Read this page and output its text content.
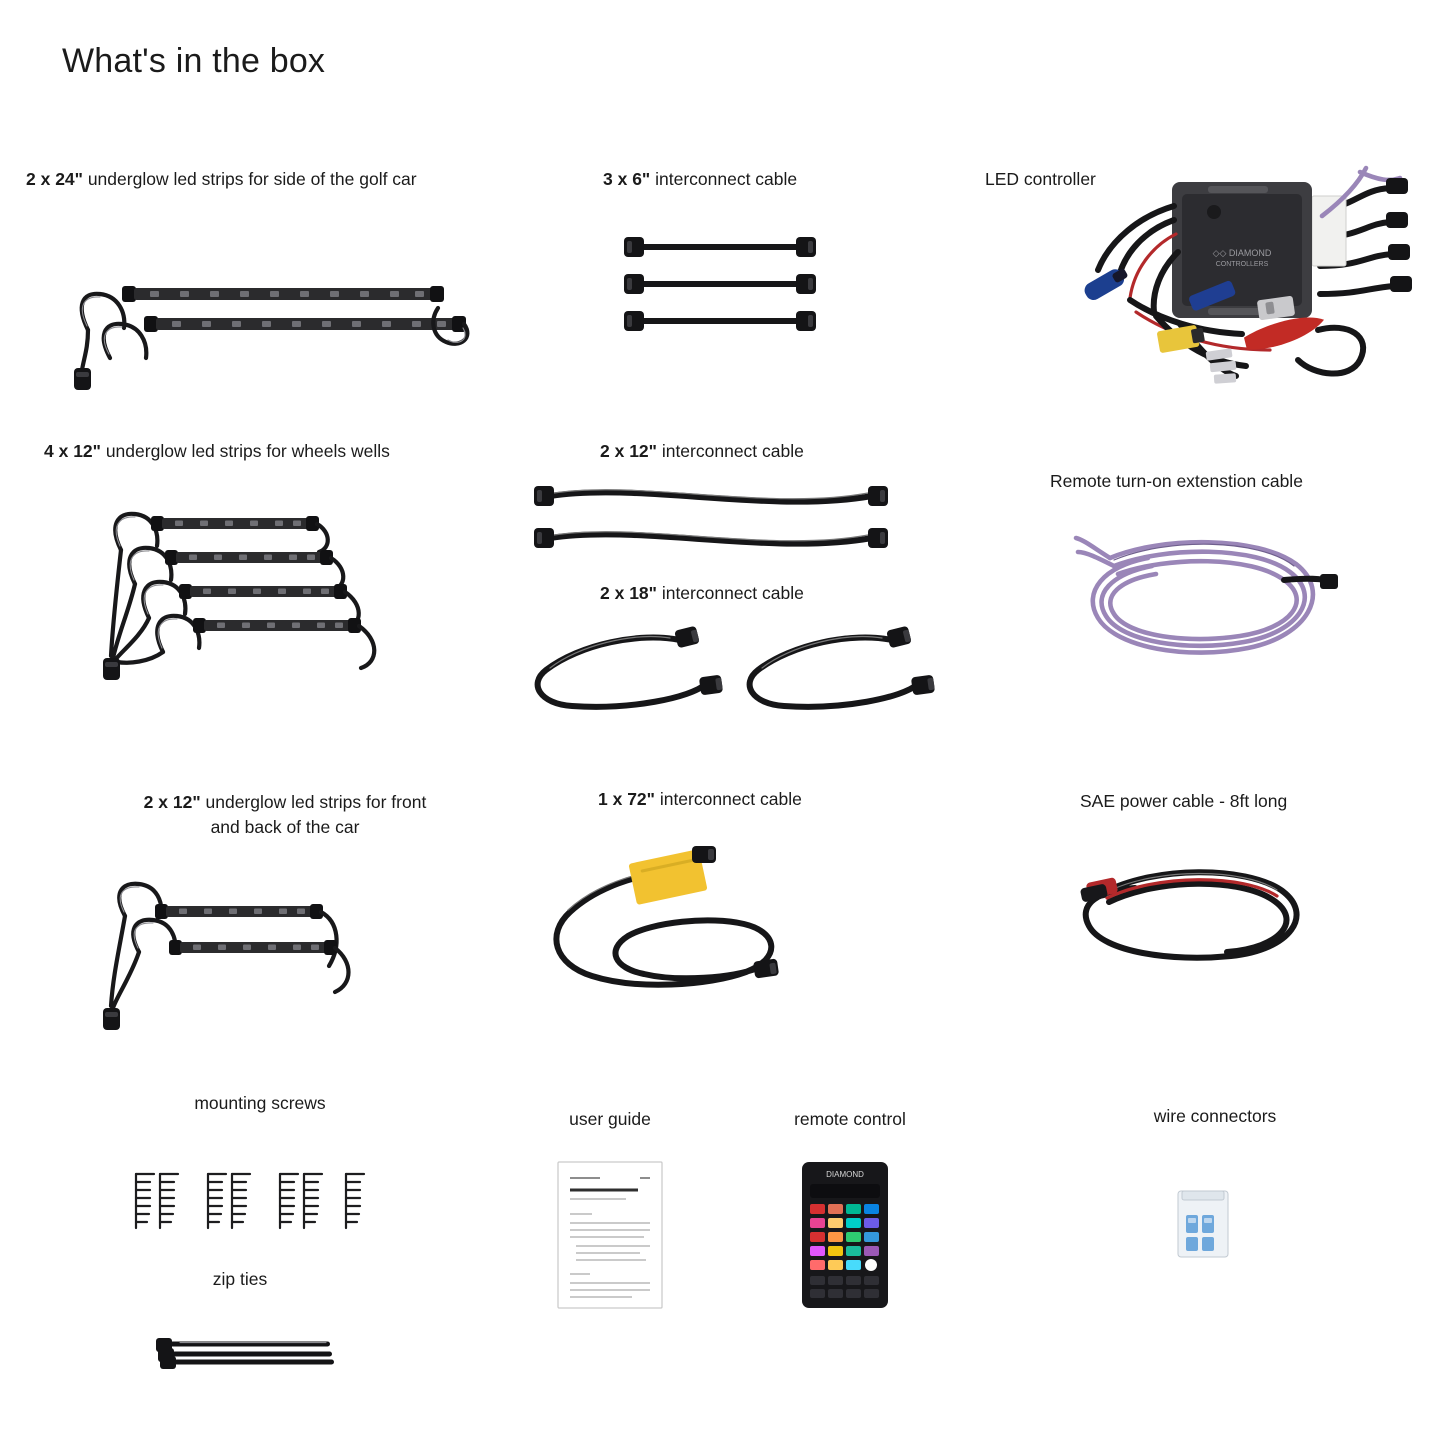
What's in the box
2 x 24" underglow led strips for side of the golf car
4 x 12" underglow led strips for wheels wells
2 x 12" underglow led strips for front
and back of the car
mounting screws
zip ties
3 x 6" interconnect cable
2 x 12" interconnect cable
2 x 18" interconnect cable
1 x 72" interconnect cable
user guide	remote control
DIAMOND
LED controller
◇◇ DIAMOND
CONTROLLERS
Remote turn-on extenstion cable
SAE power cable - 8ft long
wire connectors
